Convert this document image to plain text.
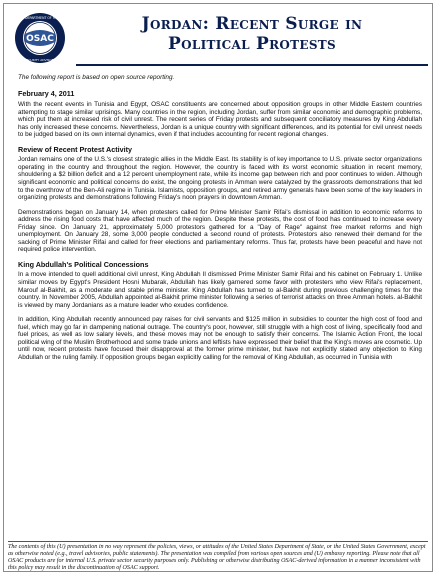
OSAC
U.S. DEPARTMENT OF STATE
SECURITY ADVISORY
Jordan: Recent Surge in
Political Protests

The following report is based on open source reporting.

February 4, 2011

With the recent events in Tunisia and Egypt, OSAC constituents are concerned about opposition groups in other Middle Eastern countries attempting to stage similar uprisings. Many countries in the region, including Jordan, suffer from similar economic and demographic problems, which put them at increased risk of civil unrest. The recent series of Friday protests and subsequent conciliatory measures by King Abdullah has only increased these concerns. Nevertheless, Jordan is a unique country with significant differences, and its potential for civil unrest needs to be judged based on its own internal dynamics, even if that includes accounting for recent regional changes.

Review of Recent Protest Activity

Jordan remains one of the U.S.'s closest strategic allies in the Middle East. Its stability is of key importance to U.S. private sector organizations operating in the country and throughout the region. However, the country is faced with its worst economic situation in recent memory, shouldering a $2 billion deficit and a 12 percent unemployment rate, while its income gap between rich and poor continues to widen. Although significant economic and political concerns do exist, the ongoing protests in Amman were catalyzed by the grassroots demonstrations that led to the overthrow of the Ben-Ali regime in Tunisia. Islamists, opposition groups, and retired army generals have been some of the key leaders in organizing protests and demonstrations following Friday's noon prayers in downtown Amman.

Demonstrations began on January 14, when protesters called for Prime Minister Samir Rifai's dismissal in addition to economic reforms to address the rising food costs that have affected much of the region. Despite these protests, the cost of food has continued to increase every Friday since. On January 21, approximately 5,000 protestors gathered for a "Day of Rage" against free market reforms and high unemployment. On January 28, some 3,000 people conducted a second round of protests. Protestors also renewed their demand for the sacking of Prime Minister Rifai and called for freer elections and parliamentary reforms. Thus far, protests have been peaceful and have not required police intervention.

King Abdullah's Political Concessions

In a move intended to quell additional civil unrest, King Abdullah II dismissed Prime Minister Samir Rifai and his cabinet on February 1. Unlike similar moves by Egypt's President Hosni Mubarak, Abdullah has likely garnered some favor with protesters who view Rifai's replacement, Marouf al-Bakhit, as a moderate and stable prime minister. King Abdullah has turned to al-Bakhit during previous challenging times for the country. In November 2005, Abdullah appointed al-Bakhit prime minister following a series of terrorist attacks on three Amman hotels. al-Bakhit is viewed by many Jordanians as a mature leader who exudes confidence.

In addition, King Abdullah recently announced pay raises for civil servants and $125 million in subsidies to counter the high cost of food and fuel, which may go far in dampening national outrage. The country's poor, however, still struggle with a high cost of living, specifically food and fuel prices, as well as low salary levels, and these moves may not be enough to satisfy their concerns. The Islamic Action Front, the local political wing of the Muslim Brotherhood and some trade unions and leftists have expressed their belief that the King's moves are cosmetic. Up until now, recent protests have focused their disapproval at the former prime minister, but have not explicitly stated any objection to King Abdullah or the ruling family. If opposition groups began explicitly calling for the removal of King Abdullah, as occurred in Tunisia with

The contents of this (U) presentation in no way represent the policies, views, or attitudes of the United States Department of State, or the United States Government, except as otherwise noted (e.g., travel advisories, public statements). The presentation was compiled from various open sources and (U) embassy reporting. Please note that all OSAC products are for internal U.S. private sector security purposes only. Publishing or otherwise distributing OSAC-derived information in a manner inconsistent with this policy may result in the discontinuation of OSAC support.
